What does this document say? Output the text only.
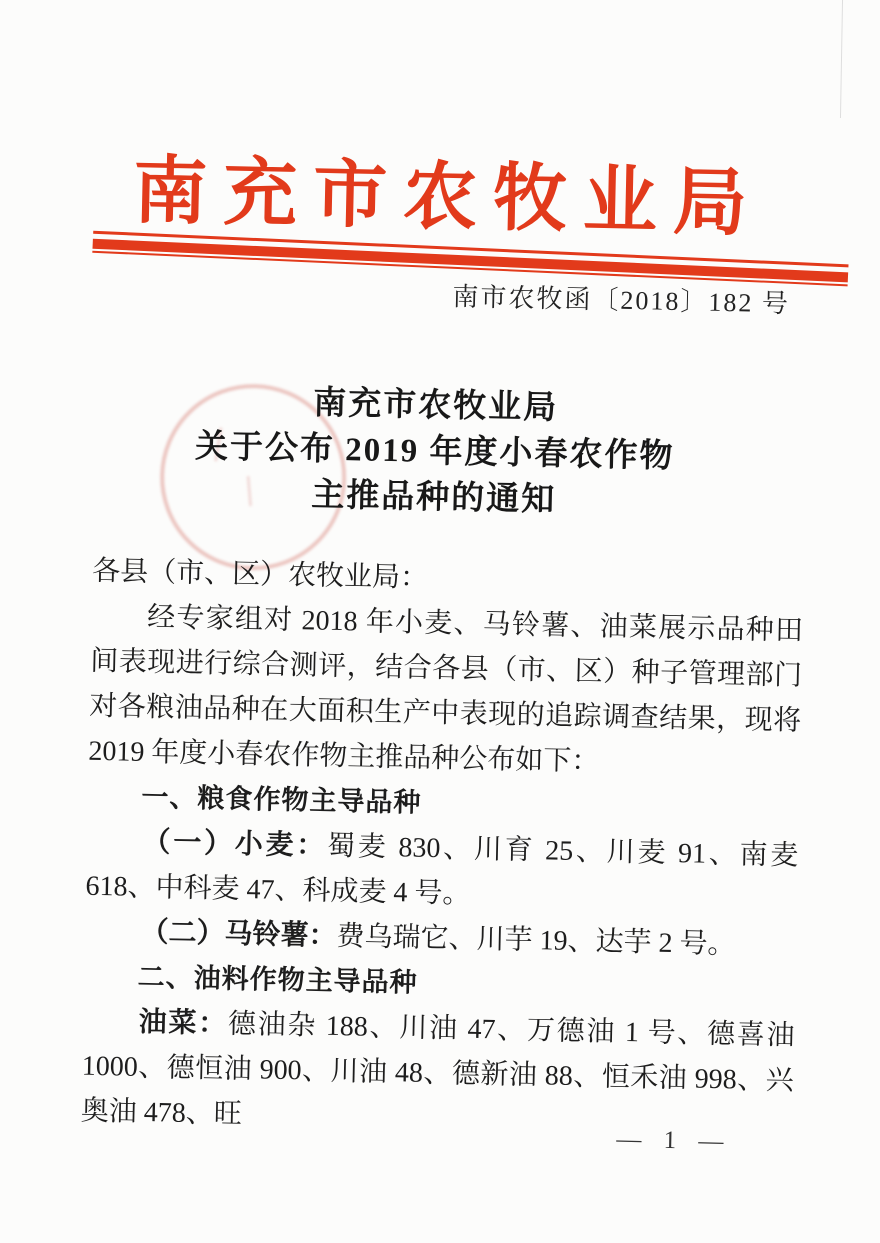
南充市农牧业局
南市农牧函〔2018〕182 号
南充市农牧业局
关于公布 2019 年度小春农作物
主推品种的通知

各县（市、区）农牧业局：

经专家组对 2018 年小麦、马铃薯、油菜展示品种田间表现进行综合测评，结合各县（市、区）种子管理部门对各粮油品种在大面积生产中表现的追踪调查结果，现将 2019 年度小春农作物主推品种公布如下：

一、粮食作物主导品种

（一）小麦：蜀麦 830、川育 25、川麦 91、南麦 618、中科麦 47、科成麦 4 号。

（二）马铃薯：费乌瑞它、川芋 19、达芋 2 号。

二、油料作物主导品种

油菜：德油杂 188、川油 47、万德油 1 号、德喜油 1000、德恒油 900、川油 48、德新油 88、恒禾油 998、兴奥油 478、旺

— 1 —
